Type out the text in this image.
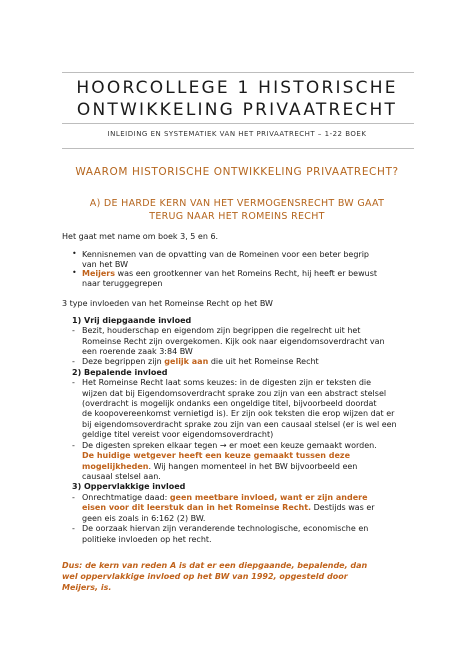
HOORCOLLEGE 1 HISTORISCHE
ONTWIKKELING PRIVAATRECHT
INLEIDING EN SYSTEMATIEK VAN HET PRIVAATRECHT – 1-22 BOEK
WAAROM HISTORISCHE ONTWIKKELING PRIVAATRECHT?
A) DE HARDE KERN VAN HET VERMOGENSRECHT BW GAAT
TERUG NAAR HET ROMEINS RECHT
Het gaat met name om boek 3, 5 en 6.
• Kennisnemen van de opvatting van de Romeinen voor een beter begrip
van het BW
• Meijers was een grootkenner van het Romeins Recht, hij heeft er bewust
naar teruggegrepen
3 type invloeden van het Romeinse Recht op het BW
1) Vrij diepgaande invloed
- Bezit, houderschap en eigendom zijn begrippen die regelrecht uit het
Romeinse Recht zijn overgekomen. Kijk ook naar eigendomsoverdracht van
een roerende zaak 3:84 BW
- Deze begrippen zijn gelijk aan die uit het Romeinse Recht
2) Bepalende invloed
- Het Romeinse Recht laat soms keuzes: in de digesten zijn er teksten die
wijzen dat bij Eigendomsoverdracht sprake zou zijn van een abstract stelsel
(overdracht is mogelijk ondanks een ongeldige titel, bijvoorbeeld doordat
de koopovereenkomst vernietigd is). Er zijn ook teksten die erop wijzen dat er
bij eigendomsoverdracht sprake zou zijn van een causaal stelsel (er is wel een
geldige titel vereist voor eigendomsoverdracht)
- De digesten spreken elkaar tegen → er moet een keuze gemaakt worden.
De huidige wetgever heeft een keuze gemaakt tussen deze
mogelijkheden. Wij hangen momenteel in het BW bijvoorbeeld een
causaal stelsel aan.
3) Oppervlakkige invloed
- Onrechtmatige daad: geen meetbare invloed, want er zijn andere
eisen voor dit leerstuk dan in het Romeinse Recht. Destijds was er
geen eis zoals in 6:162 (2) BW.
- De oorzaak hiervan zijn veranderende technologische, economische en
politieke invloeden op het recht.
Dus: de kern van reden A is dat er een diepgaande, bepalende, dan
wel oppervlakkige invloed op het BW van 1992, opgesteld door
Meijers, is.
